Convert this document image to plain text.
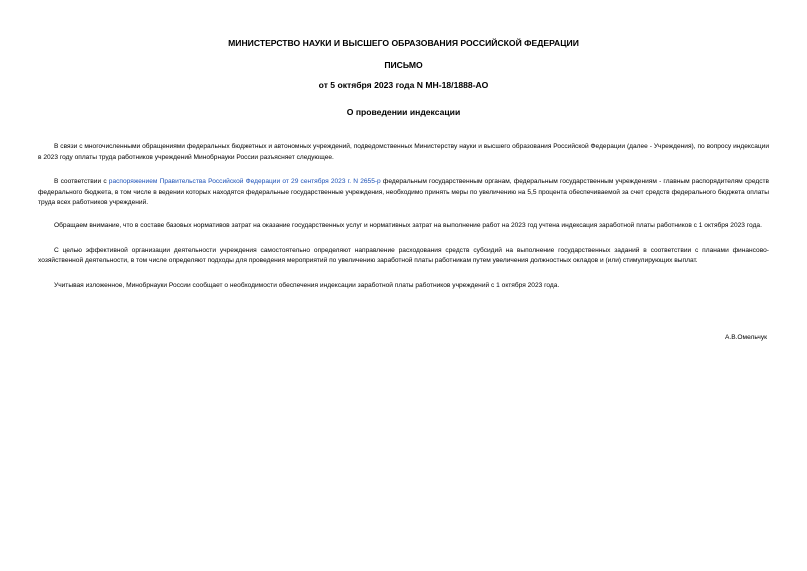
МИНИСТЕРСТВО НАУКИ И ВЫСШЕГО ОБРАЗОВАНИЯ РОССИЙСКОЙ ФЕДЕРАЦИИ

ПИСЬМО

от 5 октября 2023 года N МН-18/1888-АО

О проведении индексации

В связи с многочисленными обращениями федеральных бюджетных и автономных учреждений, подведомственных Министерству науки и высшего образования Российской Федерации (далее - Учреждения), по вопросу индексации в 2023 году оплаты труда работников учреждений Минобрнауки России разъясняет следующее.

В соответствии с распоряжением Правительства Российской Федерации от 29 сентября 2023 г. N 2655-р федеральным государственным органам, федеральным государственным учреждениям - главным распорядителям средств федерального бюджета, в том числе в ведении которых находятся федеральные государственные учреждения, необходимо принять меры по увеличению на 5,5 процента обеспечиваемой за счет средств федерального бюджета оплаты труда всех работников учреждений.

Обращаем внимание, что в составе базовых нормативов затрат на оказание государственных услуг и нормативных затрат на выполнение работ на 2023 год учтена индексация заработной платы работников с 1 октября 2023 года.

С целью эффективной организации деятельности учреждения самостоятельно определяют направление расходования средств субсидий на выполнение государственных заданий в соответствии с планами финансово-хозяйственной деятельности, в том числе определяют подходы для проведения мероприятий по увеличению заработной платы работникам путем увеличения должностных окладов и (или) стимулирующих выплат.

Учитывая изложенное, Минобрнауки России сообщает о необходимости обеспечения индексации заработной платы работников учреждений с 1 октября 2023 года.

А.В.Омельчук
